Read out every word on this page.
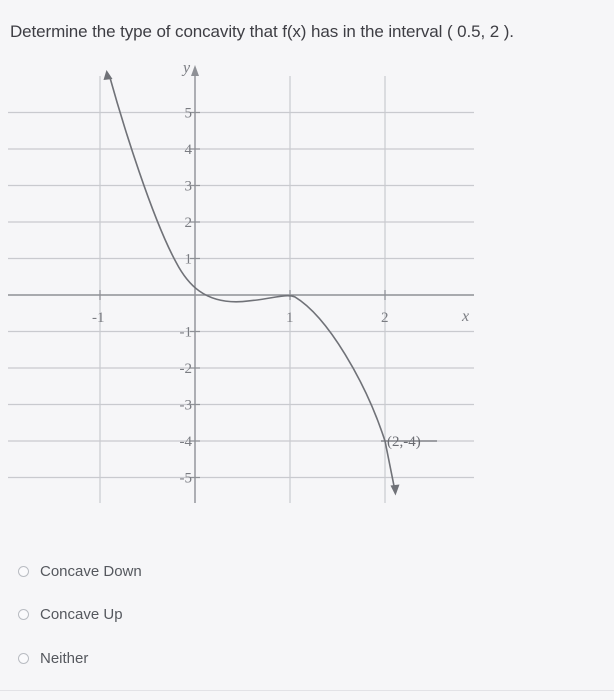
Determine the type of concavity that f(x) has in the interval ( 0.5, 2 ).
5
4
3
2
1
-1
-2
-3
-4
-5
-1	1	2
y
x
(2,-4)
Concave Down
Concave Up
Neither
